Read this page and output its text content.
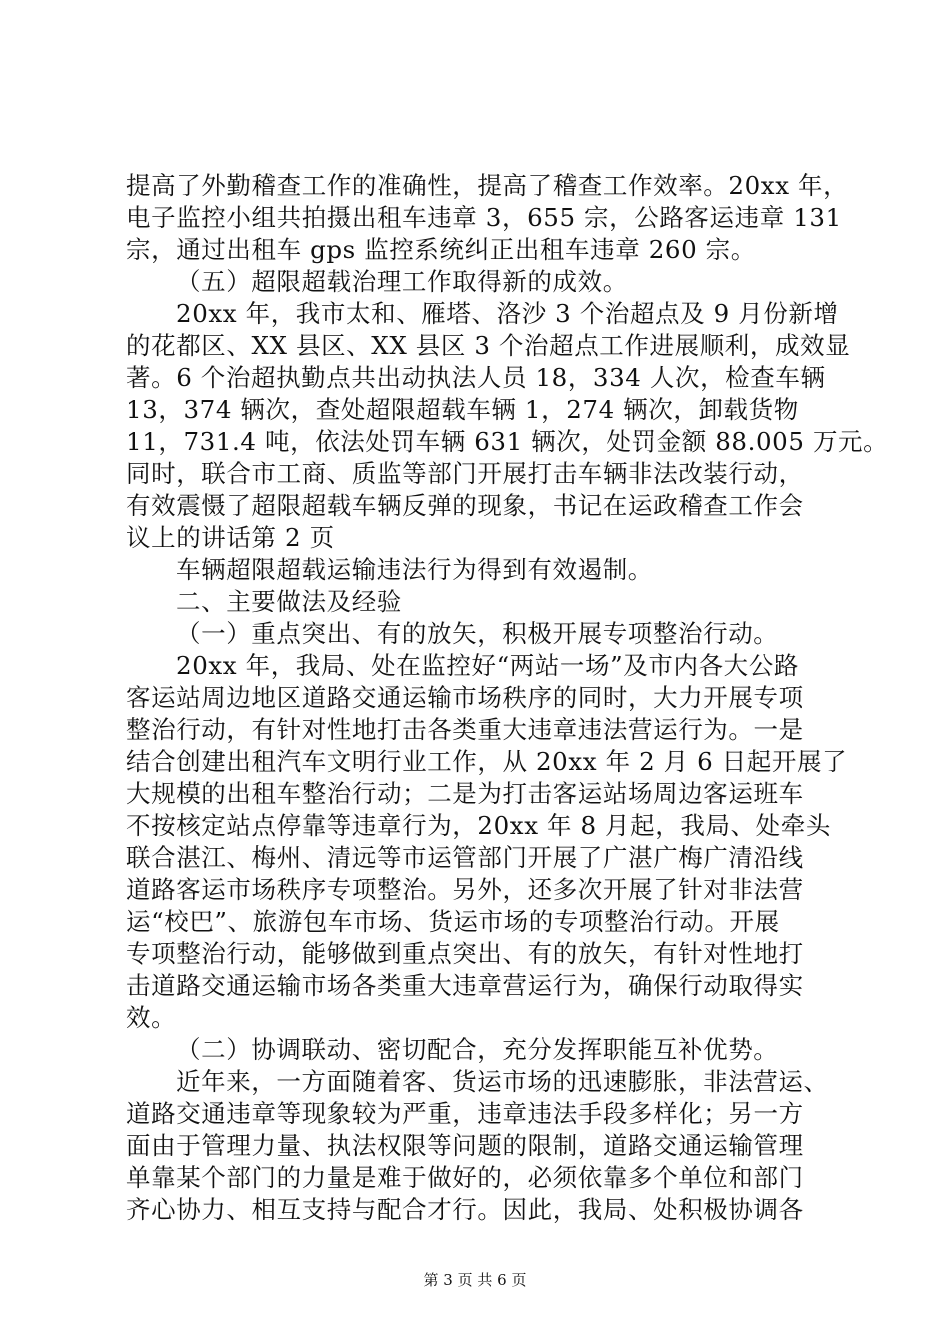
提高了外勤稽查工作的准确性，提高了稽查工作效率。20xx 年，
电子监控小组共拍摄出租车违章 3，655 宗，公路客运违章 131
宗，通过出租车 gps 监控系统纠正出租车违章 260 宗。
（五）超限超载治理工作取得新的成效。
20xx 年，我市太和、雁塔、洛沙 3 个治超点及 9 月份新增
的花都区、XX 县区、XX 县区 3 个治超点工作进展顺利，成效显
著。6 个治超执勤点共出动执法人员 18，334 人次，检查车辆
13，374 辆次，查处超限超载车辆 1，274 辆次，卸载货物
11，731.4 吨，依法处罚车辆 631 辆次，处罚金额 88.005 万元。
同时，联合市工商、质监等部门开展打击车辆非法改装行动，
有效震慑了超限超载车辆反弹的现象，书记在运政稽查工作会
议上的讲话第 2 页
车辆超限超载运输违法行为得到有效遏制。
二、主要做法及经验
（一）重点突出、有的放矢，积极开展专项整治行动。
20xx 年，我局、处在监控好“两站一场”及市内各大公路
客运站周边地区道路交通运输市场秩序的同时，大力开展专项
整治行动，有针对性地打击各类重大违章违法营运行为。一是
结合创建出租汽车文明行业工作，从 20xx 年 2 月 6 日起开展了
大规模的出租车整治行动；二是为打击客运站场周边客运班车
不按核定站点停靠等违章行为，20xx 年 8 月起，我局、处牵头
联合湛江、梅州、清远等市运管部门开展了广湛广梅广清沿线
道路客运市场秩序专项整治。另外，还多次开展了针对非法营
运“校巴”、旅游包车市场、货运市场的专项整治行动。开展
专项整治行动，能够做到重点突出、有的放矢，有针对性地打
击道路交通运输市场各类重大违章营运行为，确保行动取得实
效。
（二）协调联动、密切配合，充分发挥职能互补优势。
近年来，一方面随着客、货运市场的迅速膨胀，非法营运、
道路交通违章等现象较为严重，违章违法手段多样化；另一方
面由于管理力量、执法权限等问题的限制，道路交通运输管理
单靠某个部门的力量是难于做好的，必须依靠多个单位和部门
齐心协力、相互支持与配合才行。因此，我局、处积极协调各
第 3 页 共 6 页
